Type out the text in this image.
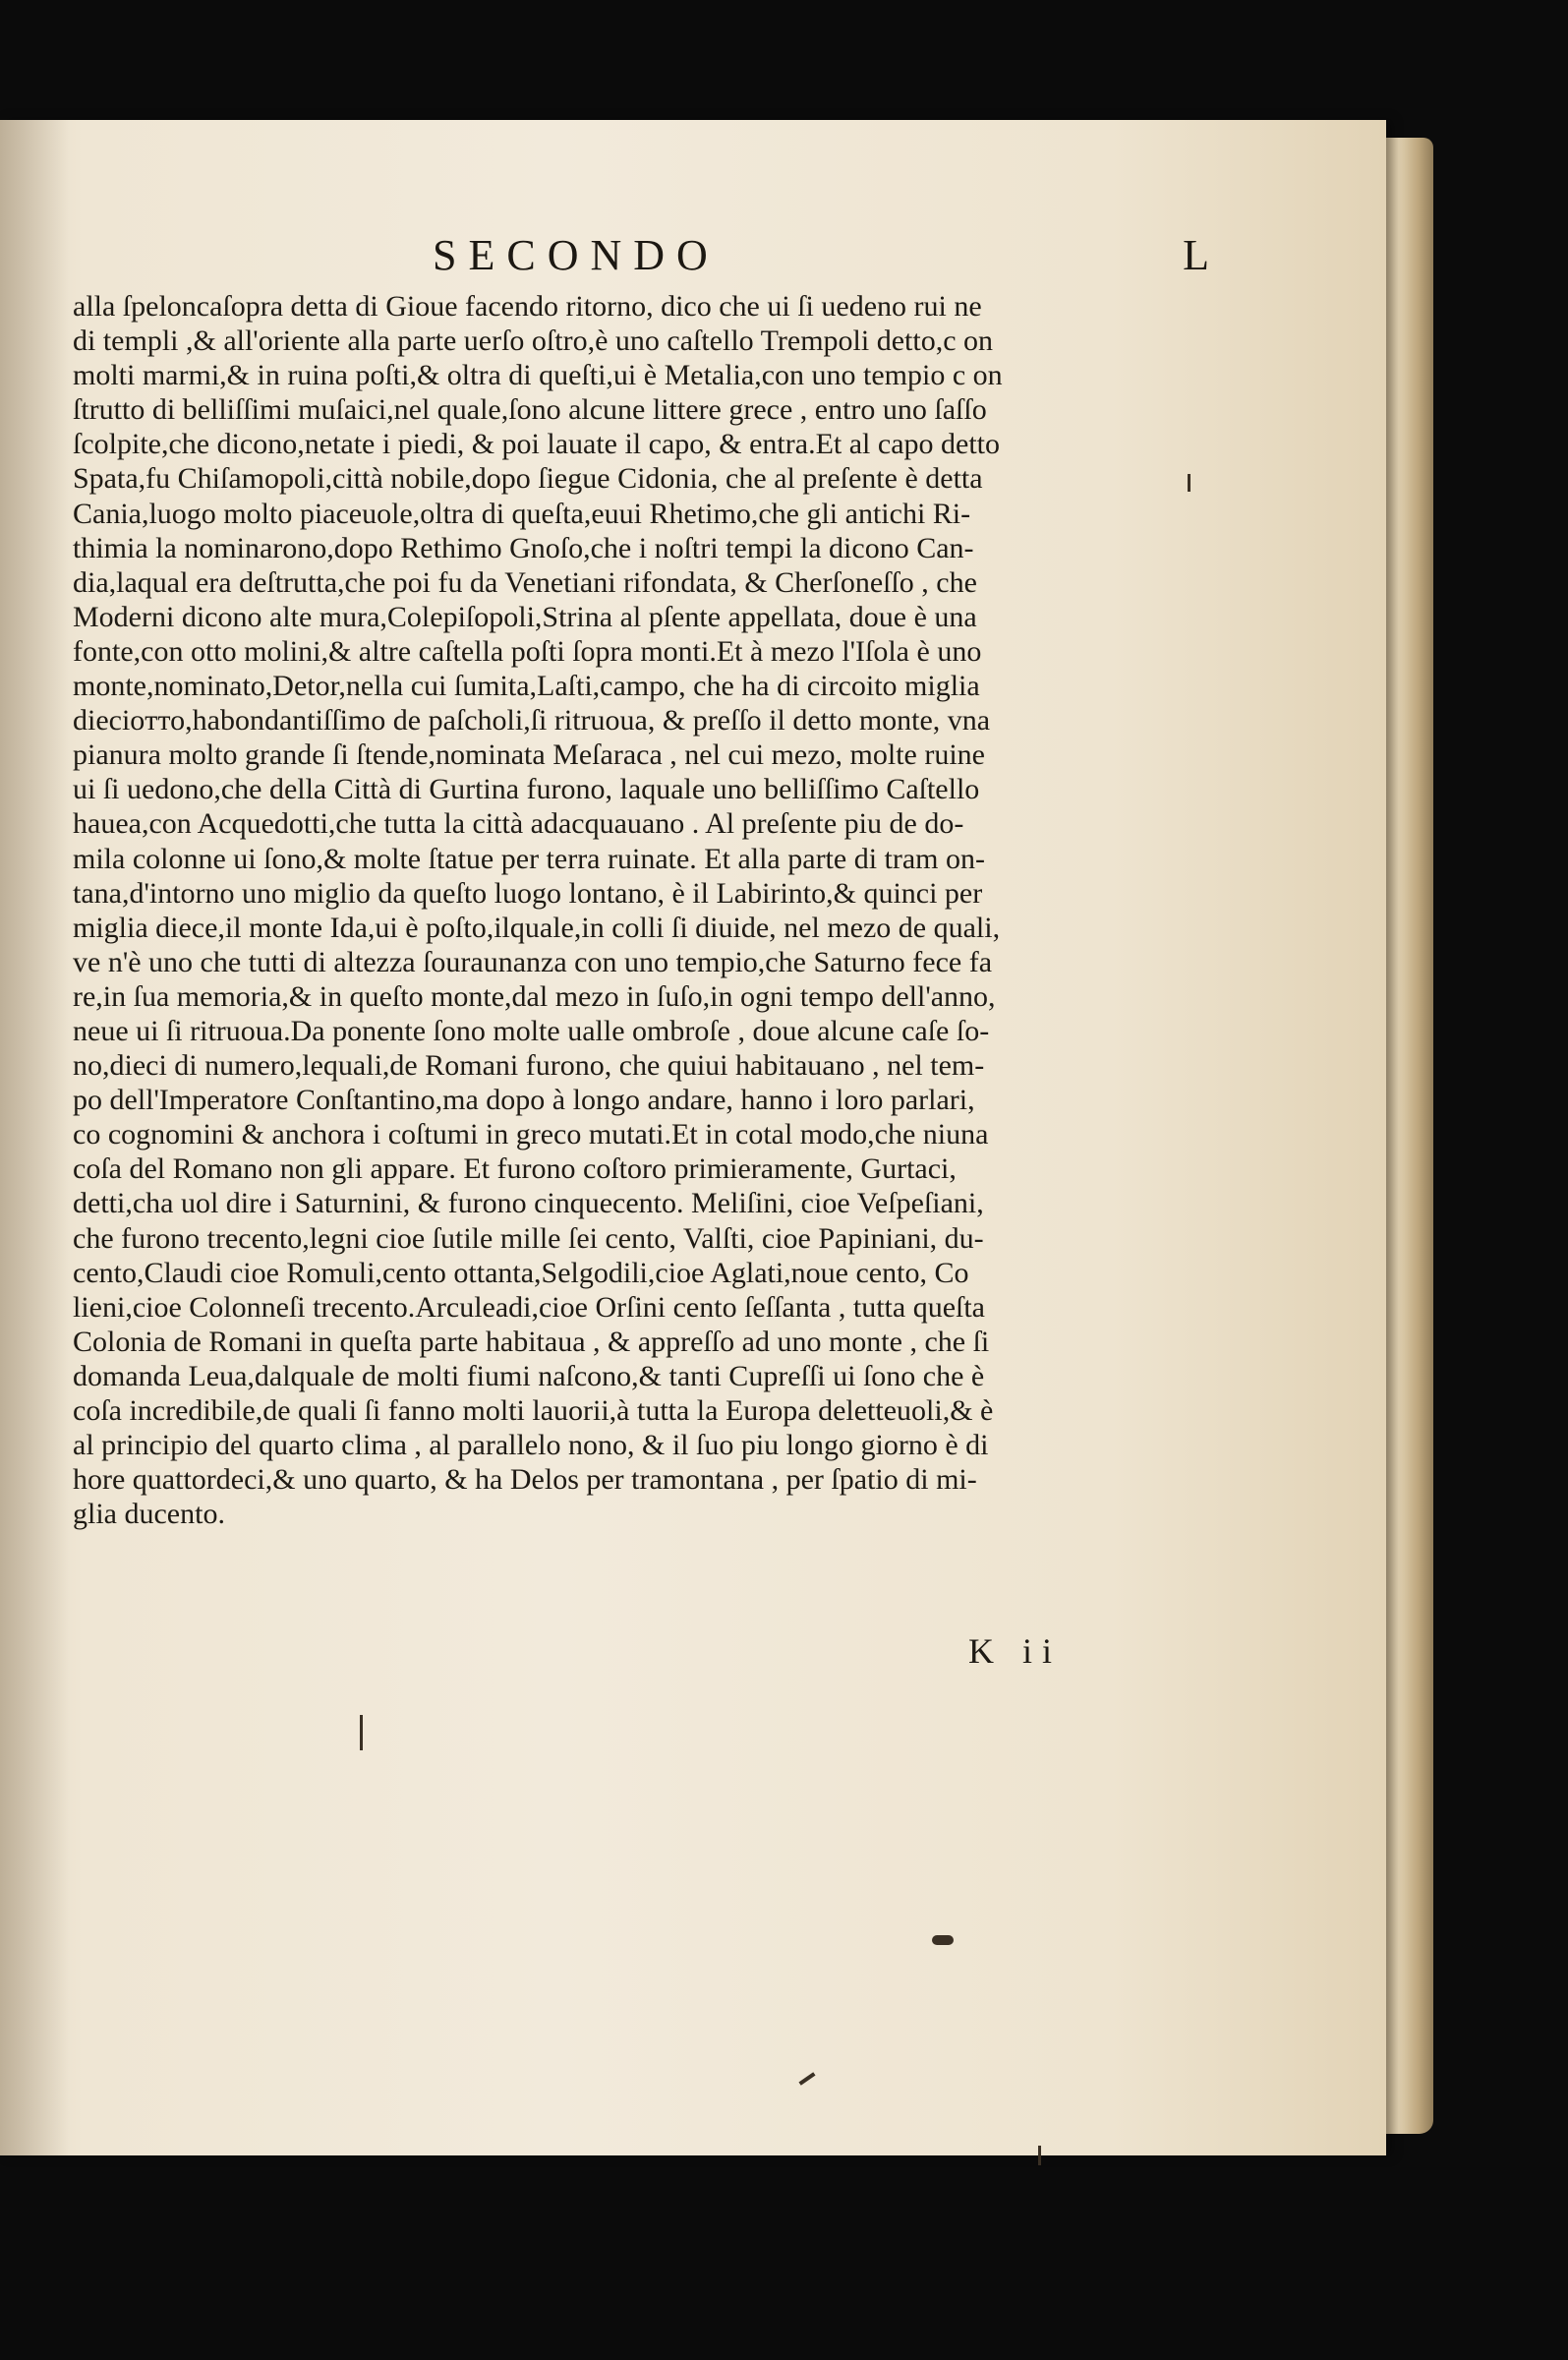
SECONDO	L
alla ſpeloncaſopra detta di Gioue facendo ritorno, dico che ui ſi uedeno rui ne
di templi ,& all'oriente alla parte uerſo oſtro,è uno caſtello Trempoli detto,c on
molti marmi,& in ruina poſti,& oltra di queſti,ui è Metalia,con uno tempio c on
ſtrutto di belliſſimi muſaici,nel quale,ſono alcune littere grece , entro uno ſaſſo
ſcolpite,che dicono,netate i piedi, & poi lauate il capo, & entra.Et al capo detto
Spata,fu Chiſamopoli,città nobile,dopo ſiegue Cidonia, che al preſente è detta
Cania,luogo molto piaceuole,oltra di queſta,euui Rhetimo,che gli antichi Ri-
thimia la nominarono,dopo Rethimo Gnoſo,che i noſtri tempi la dicono Can-
dia,laqual era deſtrutta,che poi fu da Venetiani rifondata, & Cherſoneſſo , che
Moderni dicono alte mura,Colepiſopoli,Strina al pſente appellata, doue è una
fonte,con otto molini,& altre caſtella poſti ſopra monti.Et à mezo l'Iſola è uno
monte,nominato,Detor,nella cui ſumita,Laſti,campo, che ha di circoito miglia
diecioтто,habondantiſſimo de paſcholi,ſi ritruoua, & preſſo il detto monte, vna
pianura molto grande ſi ſtende,nominata Meſaraca , nel cui mezo, molte ruine
ui ſi uedono,che della Città di Gurtina furono, laquale uno belliſſimo Caſtello
hauea,con Acquedotti,che tutta la città adacquauano . Al preſente piu de do-
mila colonne ui ſono,& molte ſtatue per terra ruinate. Et alla parte di tram on-
tana,d'intorno uno miglio da queſto luogo lontano, è il Labirinto,& quinci per
miglia diece,il monte Ida,ui è poſto,ilquale,in colli ſi diuide, nel mezo de quali,
ve n'è uno che tutti di altezza ſouraunanza con uno tempio,che Saturno fece fa
re,in ſua memoria,& in queſto monte,dal mezo in ſuſo,in ogni tempo dell'anno,
neue ui ſi ritruoua.Da ponente ſono molte ualle ombroſe , doue alcune caſe ſo-
no,dieci di numero,lequali,de Romani furono, che quiui habitauano , nel tem-
po dell'Imperatore Conſtantino,ma dopo à longo andare, hanno i loro parlari,
co cognomini & anchora i coſtumi in greco mutati.Et in cotal modo,che niuna
coſa del Romano non gli appare. Et furono coſtoro primieramente, Gurtaci,
detti,cha uol dire i Saturnini, & furono cinquecento. Meliſini, cioe Veſpeſiani,
che furono trecento,legni cioe ſutile mille ſei cento, Valſti, cioe Papiniani, du-
cento,Claudi cioe Romuli,cento ottanta,Selgodili,cioe Aglati,noue cento, Co
lieni,cioe Colonneſi trecento.Arculeadi,cioe Orſini cento ſeſſanta , tutta queſta
Colonia de Romani in queſta parte habitaua , & appreſſo ad uno monte , che ſi
domanda Leua,dalquale de molti fiumi naſcono,& tanti Cupreſſi ui ſono che è
coſa incredibile,de quali ſi fanno molti lauorii,à tutta la Europa deletteuoli,& è
al principio del quarto clima , al parallelo nono, & il ſuo piu longo giorno è di
hore quattordeci,& uno quarto, & ha Delos per tramontana , per ſpatio di mi-
glia ducento.
K ii
